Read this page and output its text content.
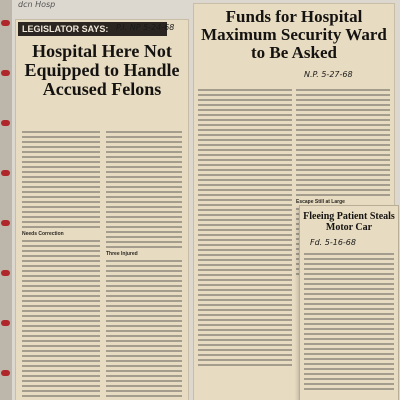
dcn Hosp
LEGISLATOR SAYS: P.I. NP 5-24-68
Hospital Here Not Equipped to Handle Accused Felons
Needs Correction
Three Injured
Funds for Hospital Maximum Security Ward to Be Asked
N.P. 5-27-68
Escape Still at Large
Fleeing Patient Steals Motor Car
Fd. 5-16-68
